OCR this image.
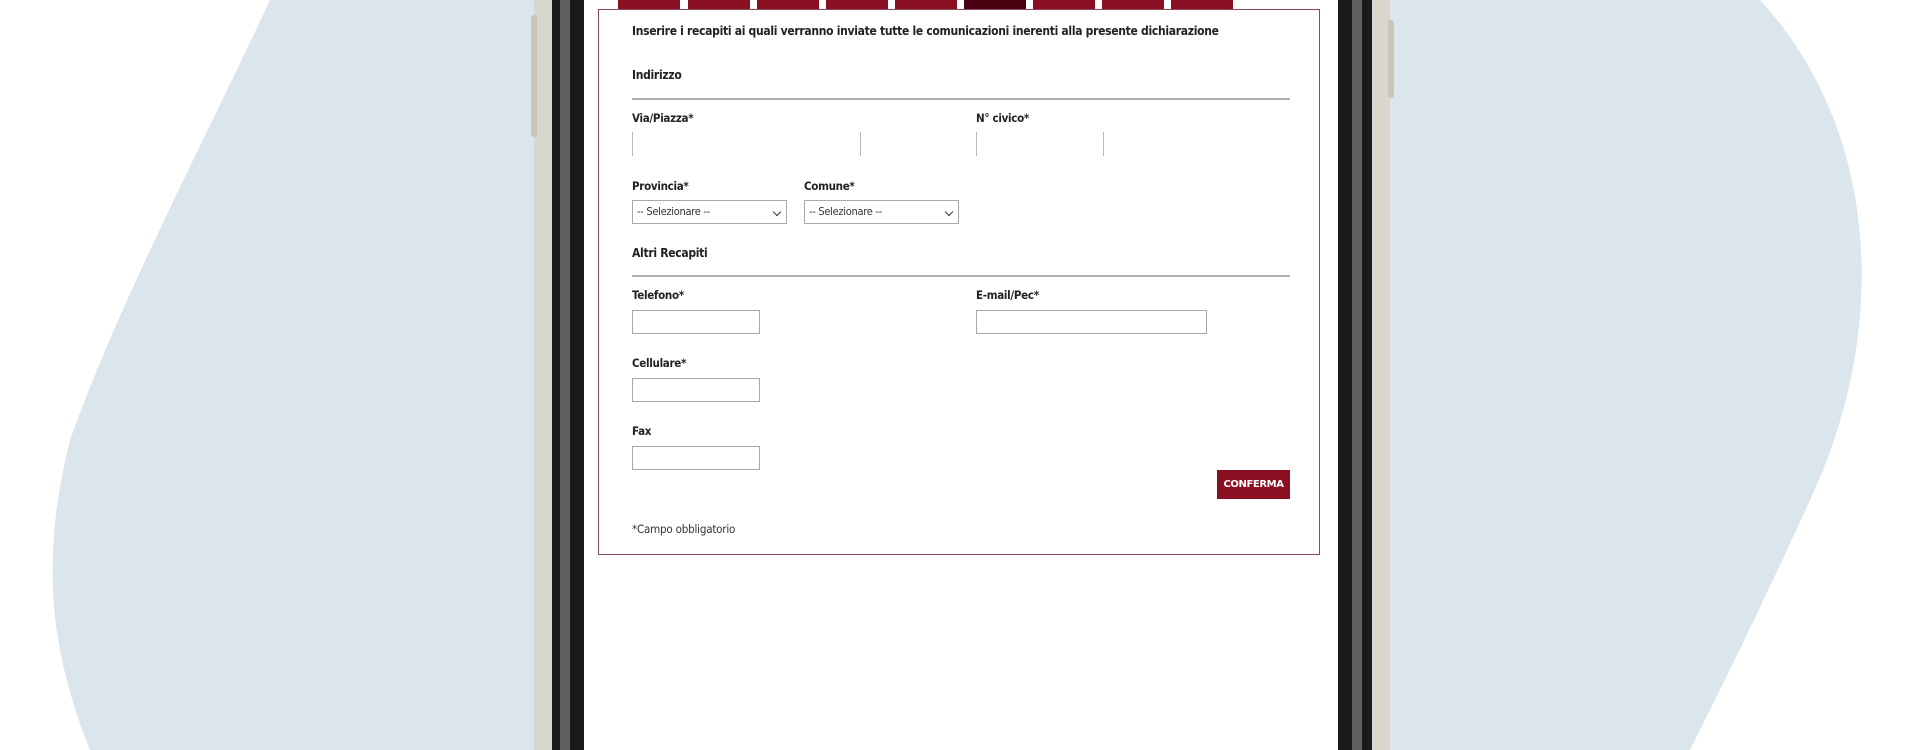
Inserire i recapiti ai quali verranno inviate tutte le comunicazioni inerenti alla presente dichiarazione
Indirizzo
Via/Piazza*	N° civico*
Provincia*
-- Selezionare --
Comune*
-- Selezionare --
Altri Recapiti
Telefono*	E-mail/Pec*
Cellulare*
Fax
CONFERMA
*Campo obbligatorio
